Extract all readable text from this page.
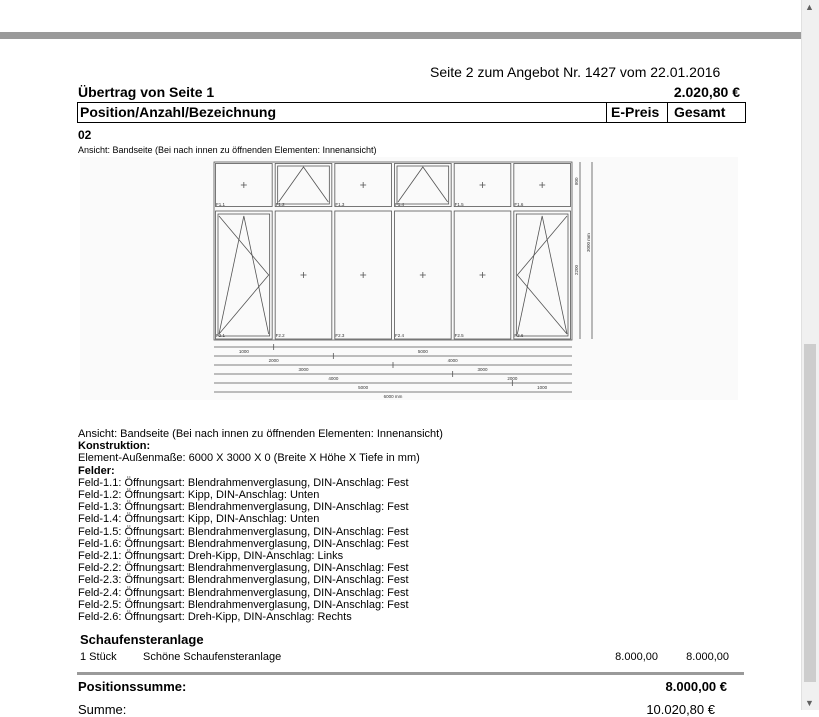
▲
▼
Seite 2 zum Angebot Nr. 1427 vom 22.01.2016
Übertrag von Seite 1	2.020,80 €
Position/Anzahl/Bezeichnung	E-Preis Gesamt
02
Ansicht: Bandseite (Bei nach innen zu öffnenden Elementen: Innenansicht)
F1.1
F2.1
F1.2
F2.2
F1.3
F2.3
F1.4
F2.4
F1.5
F2.5
F1.6
F2.6
800
2200
3000 mm
1000	5000
2000	4000
3000	3000
4000	2000
5000	1000
6000 mm
Ansicht: Bandseite (Bei nach innen zu öffnenden Elementen: Innenansicht)
Konstruktion:
Element-Außenmaße: 6000 X 3000 X 0 (Breite X Höhe X Tiefe in mm)
Felder:
Feld-1.1: Öffnungsart: Blendrahmenverglasung, DIN-Anschlag: Fest
Feld-1.2: Öffnungsart: Kipp, DIN-Anschlag: Unten
Feld-1.3: Öffnungsart: Blendrahmenverglasung, DIN-Anschlag: Fest
Feld-1.4: Öffnungsart: Kipp, DIN-Anschlag: Unten
Feld-1.5: Öffnungsart: Blendrahmenverglasung, DIN-Anschlag: Fest
Feld-1.6: Öffnungsart: Blendrahmenverglasung, DIN-Anschlag: Fest
Feld-2.1: Öffnungsart: Dreh-Kipp, DIN-Anschlag: Links
Feld-2.2: Öffnungsart: Blendrahmenverglasung, DIN-Anschlag: Fest
Feld-2.3: Öffnungsart: Blendrahmenverglasung, DIN-Anschlag: Fest
Feld-2.4: Öffnungsart: Blendrahmenverglasung, DIN-Anschlag: Fest
Feld-2.5: Öffnungsart: Blendrahmenverglasung, DIN-Anschlag: Fest
Feld-2.6: Öffnungsart: Dreh-Kipp, DIN-Anschlag: Rechts
Schaufensteranlage
1 Stück Schöne Schaufensteranlage	8.000,00	8.000,00
Positionssumme:	8.000,00 €
Summe:	10.020,80 €
